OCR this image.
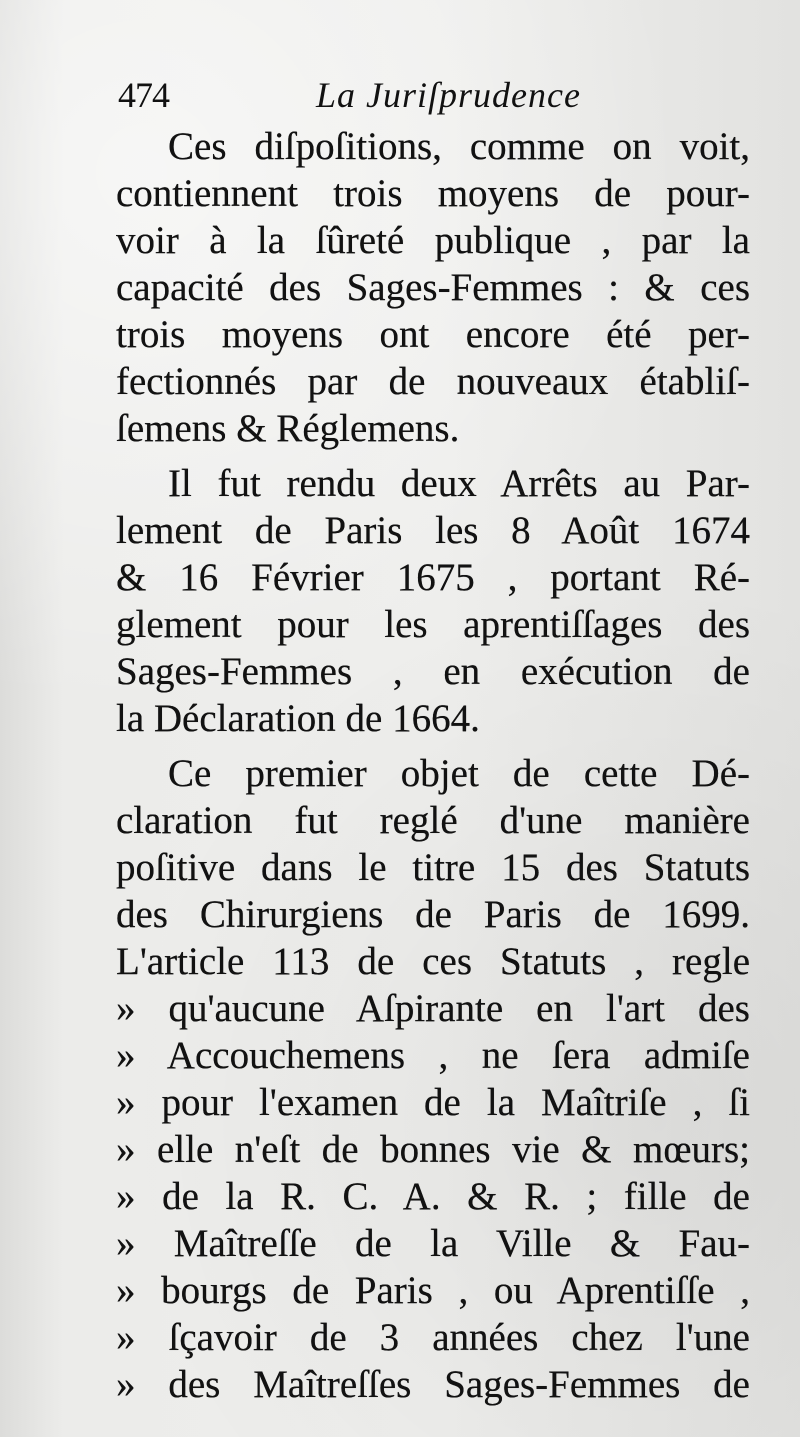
474	La Juriſprudence
Ces diſpoſitions, comme on voit,
contiennent trois moyens de pour-
voir à la ſûreté publique , par la
capacité des Sages-Femmes : & ces
trois moyens ont encore été per-
fectionnés par de nouveaux établiſ-
ſemens & Réglemens.
Il fut rendu deux Arrêts au Par-
lement de Paris les 8 Août 1674
& 16 Février 1675 , portant Ré-
glement pour les aprentiſſages des
Sages-Femmes , en exécution de
la Déclaration de 1664.
Ce premier objet de cette Dé-
claration fut reglé d'une manière
poſitive dans le titre 15 des Statuts
des Chirurgiens de Paris de 1699.
L'article 113 de ces Statuts , regle
» qu'aucune Aſpirante en l'art des
» Accouchemens , ne ſera admiſe
» pour l'examen de la Maîtriſe , ſi
» elle n'eſt de bonnes vie & mœurs;
» de la R. C. A. & R. ; fille de
» Maîtreſſe de la Ville & Fau-
» bourgs de Paris , ou Aprentiſſe ,
» ſçavoir de 3 années chez l'une
» des Maîtreſſes Sages-Femmes de
